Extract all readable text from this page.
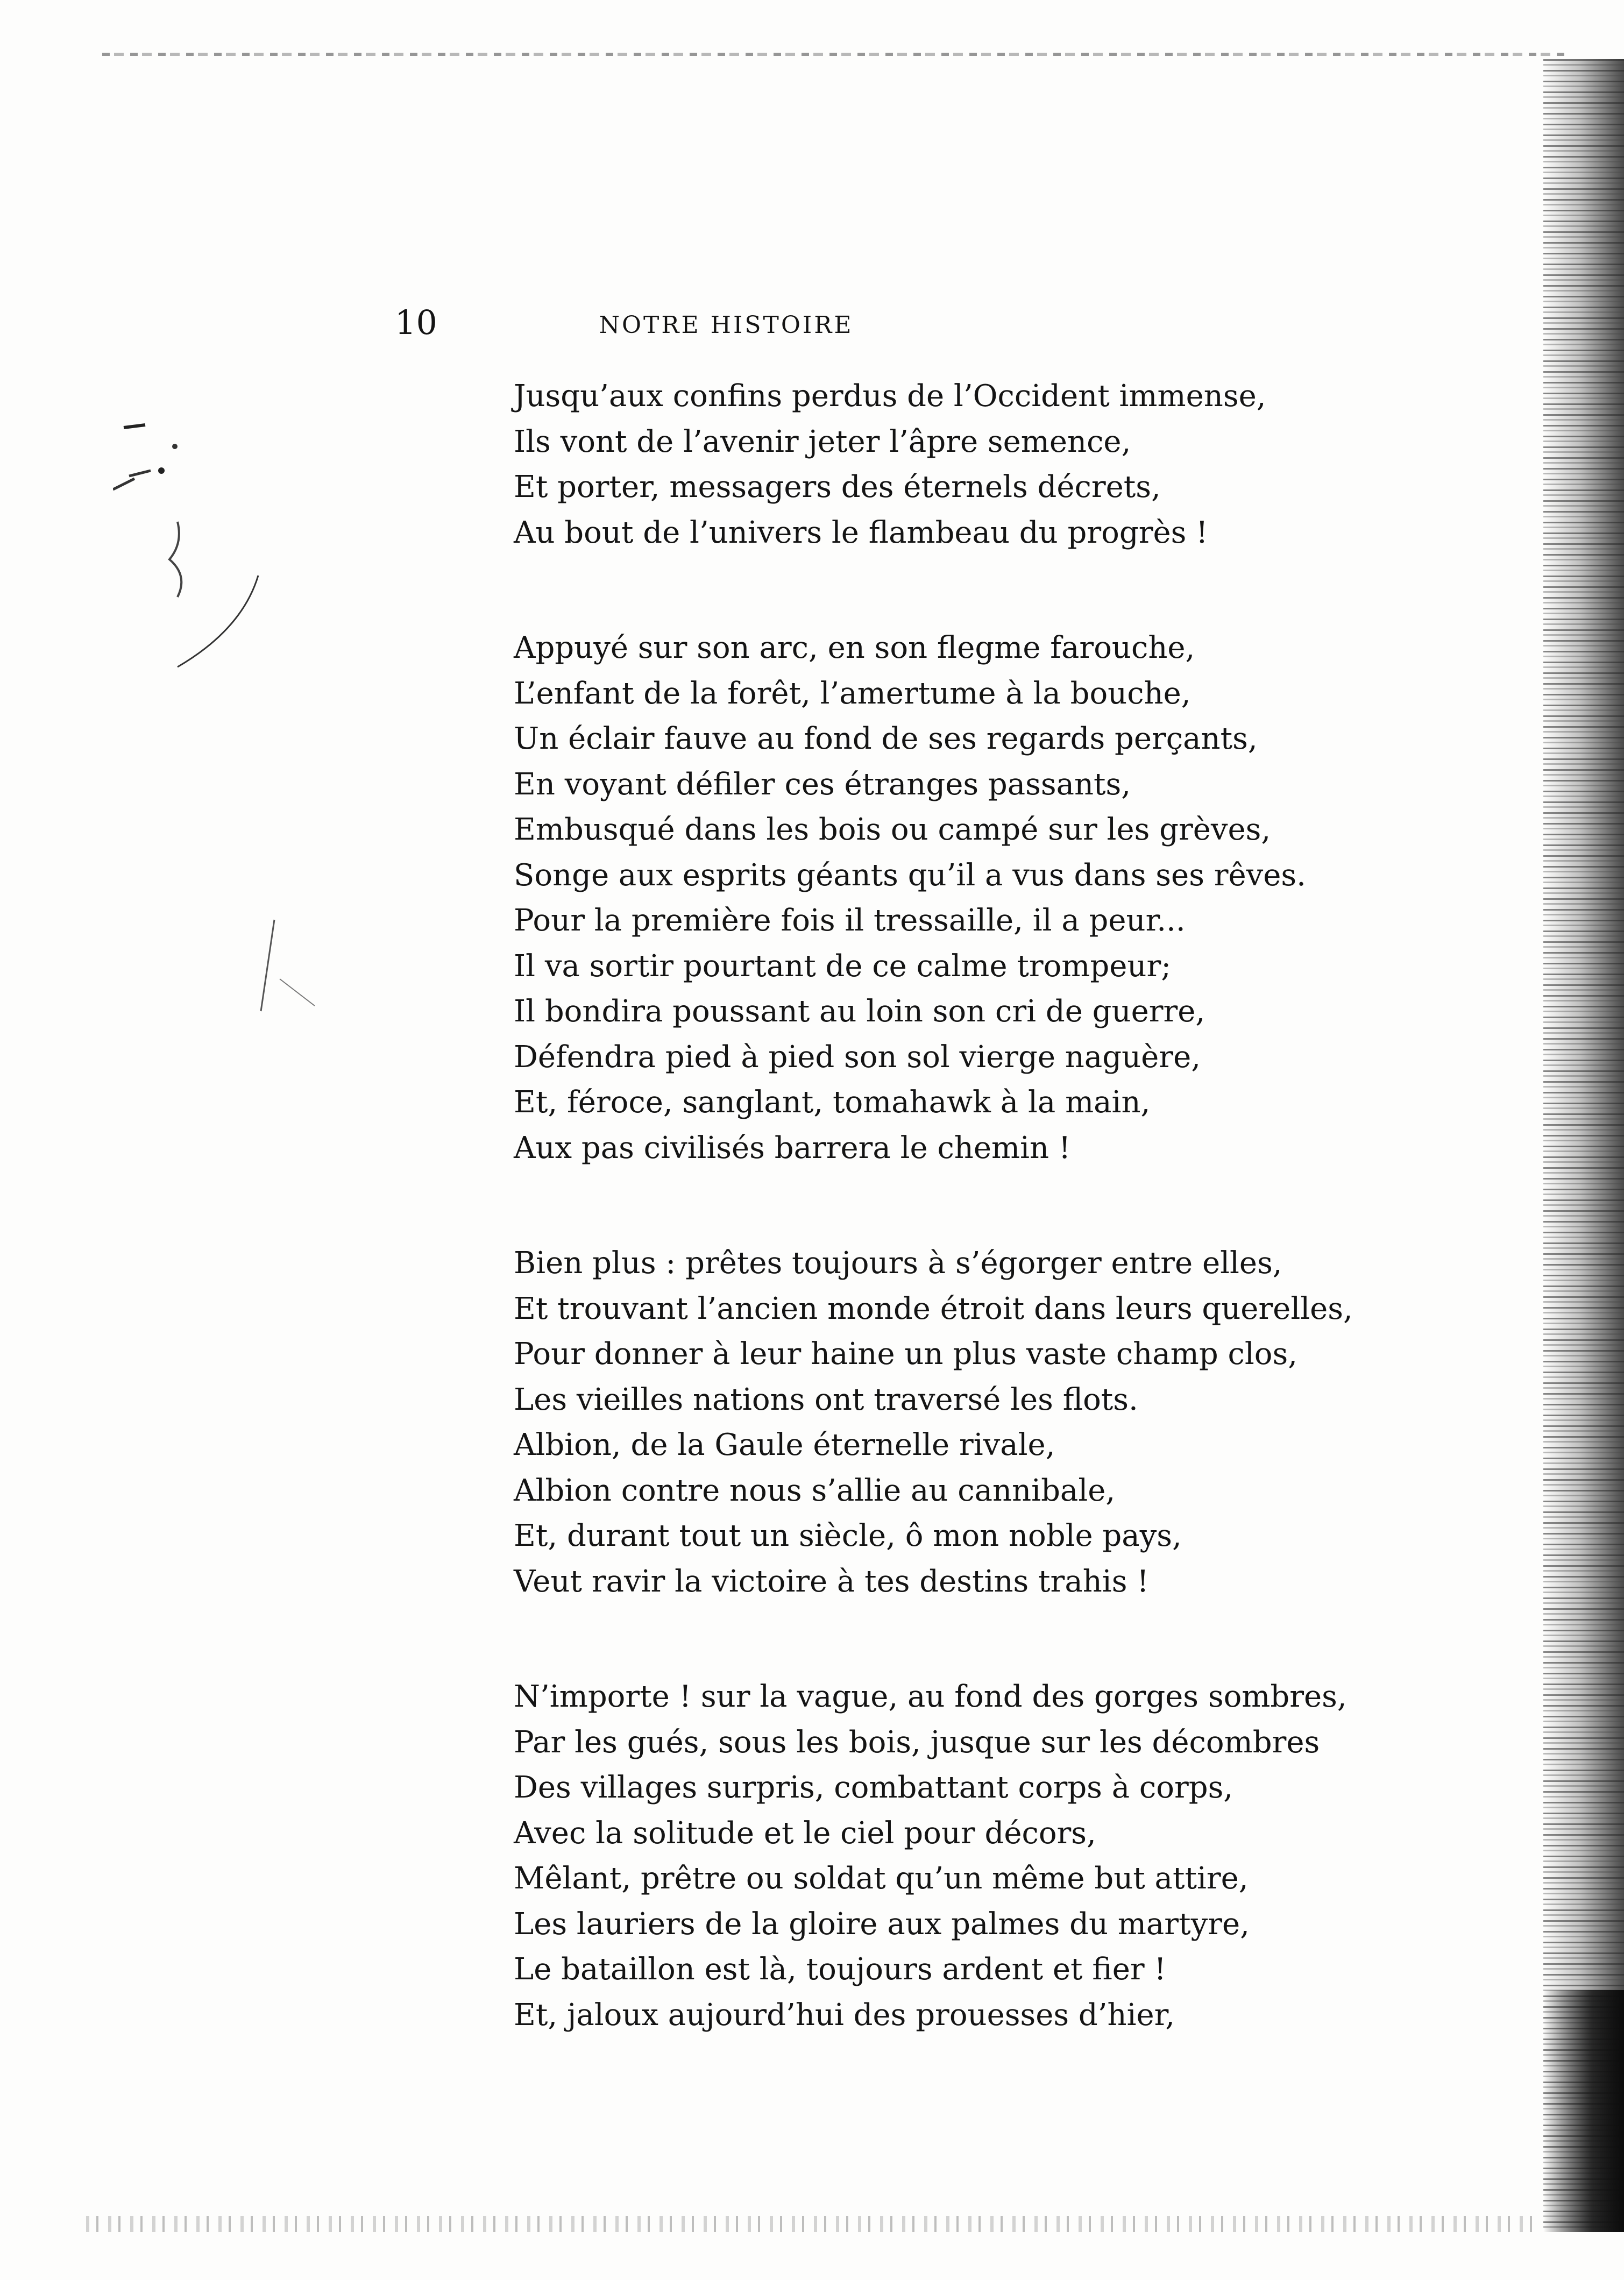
10	NOTRE HISTOIRE
Jusqu’aux confins perdus de l’Occident immense,
Ils vont de l’avenir jeter l’âpre semence,
Et porter, messagers des éternels décrets,
Au bout de l’univers le flambeau du progrès !
Appuyé sur son arc, en son flegme farouche,
L’enfant de la forêt, l’amertume à la bouche,
Un éclair fauve au fond de ses regards perçants,
En voyant défiler ces étranges passants,
Embusqué dans les bois ou campé sur les grèves,
Songe aux esprits géants qu’il a vus dans ses rêves.
Pour la première fois il tressaille, il a peur...
Il va sortir pourtant de ce calme trompeur;
Il bondira poussant au loin son cri de guerre,
Défendra pied à pied son sol vierge naguère,
Et, féroce, sanglant, tomahawk à la main,
Aux pas civilisés barrera le chemin !
Bien plus : prêtes toujours à s’égorger entre elles,
Et trouvant l’ancien monde étroit dans leurs querelles,
Pour donner à leur haine un plus vaste champ clos,
Les vieilles nations ont traversé les flots.
Albion, de la Gaule éternelle rivale,
Albion contre nous s’allie au cannibale,
Et, durant tout un siècle, ô mon noble pays,
Veut ravir la victoire à tes destins trahis !
N’importe ! sur la vague, au fond des gorges sombres,
Par les gués, sous les bois, jusque sur les décombres
Des villages surpris, combattant corps à corps,
Avec la solitude et le ciel pour décors,
Mêlant, prêtre ou soldat qu’un même but attire,
Les lauriers de la gloire aux palmes du martyre,
Le bataillon est là, toujours ardent et fier !
Et, jaloux aujourd’hui des prouesses d’hier,
